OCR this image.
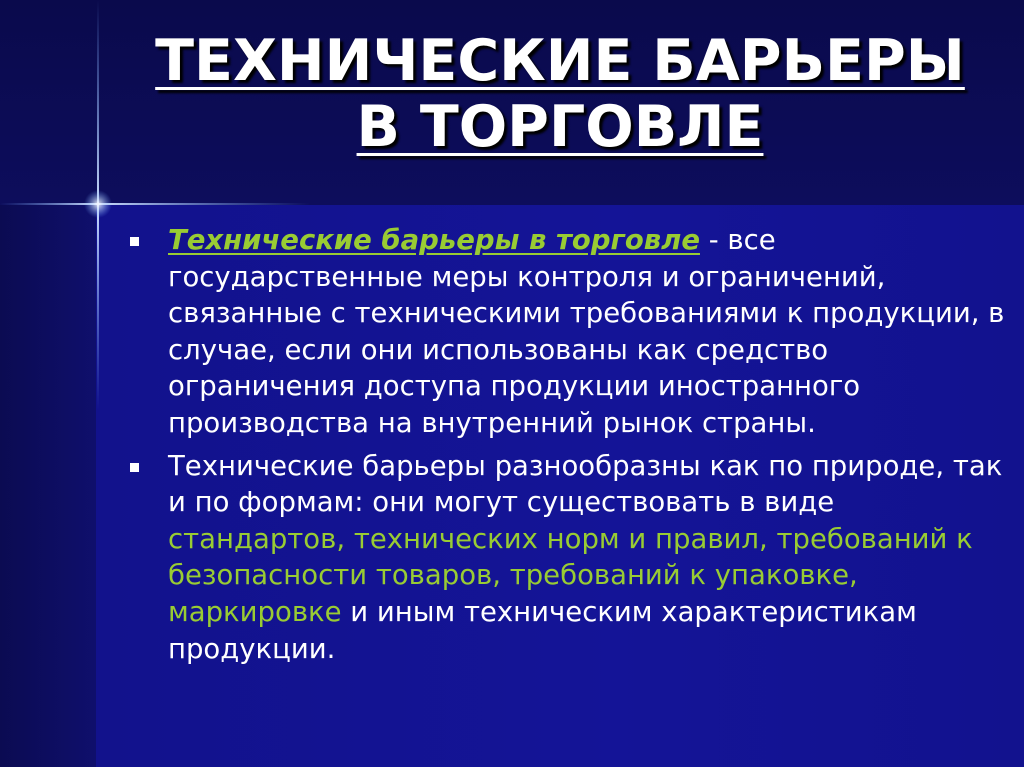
ТЕХНИЧЕСКИЕ БАРЬЕРЫ
В ТОРГОВЛЕ
Технические барьеры в торговле - все государственные меры контроля и ограничений, связанные с техническими требованиями к продукции, в случае, если они использованы как средство ограничения доступа продукции иностранного производства на внутренний рынок страны.
Технические барьеры разнообразны как по природе, так и по формам: они могут существовать в виде стандартов, технических норм и правил, требований к безопасности товаров, требований к упаковке, маркировке и иным техническим характеристикам продукции.
